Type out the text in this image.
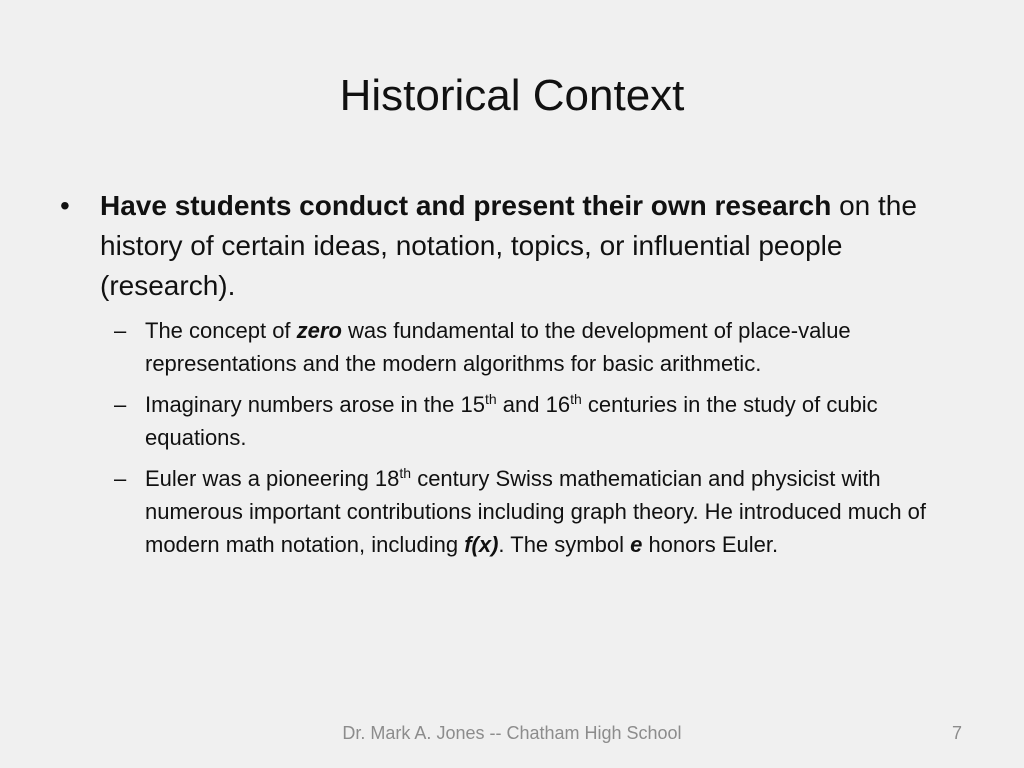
Historical Context
• Have students conduct and present their own research on the history of certain ideas, notation, topics, or influential people (research).
– The concept of zero was fundamental to the development of place-value representations and the modern algorithms for basic arithmetic.
– Imaginary numbers arose in the 15th and 16th centuries in the study of cubic equations.
– Euler was a pioneering 18th century Swiss mathematician and physicist with numerous important contributions including graph theory. He introduced much of modern math notation, including f(x). The symbol e honors Euler.
Dr. Mark A. Jones -- Chatham High School	7
